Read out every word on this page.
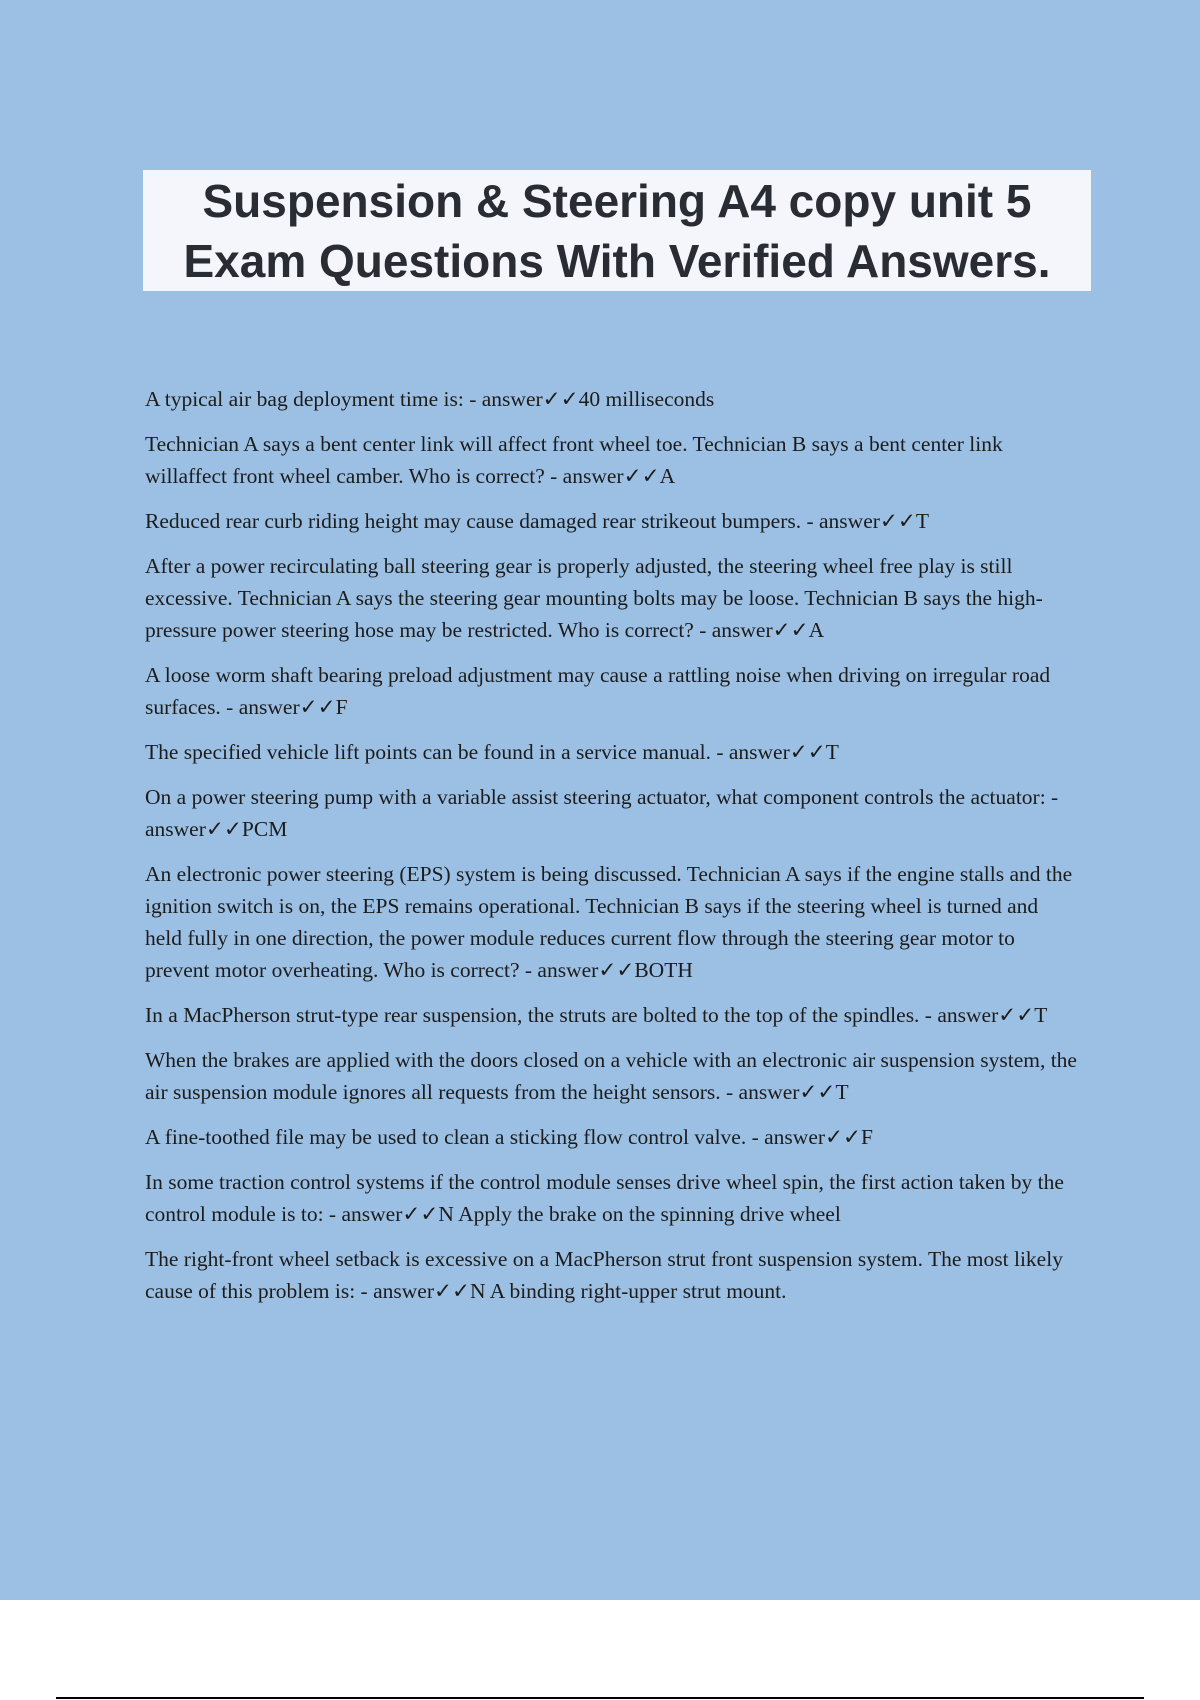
Suspension & Steering A4 copy unit 5 Exam Questions With Verified Answers.
A typical air bag deployment time is: - answer✓✓40 milliseconds
Technician A says a bent center link will affect front wheel toe. Technician B says a bent center link willaffect front wheel camber. Who is correct? - answer✓✓A
Reduced rear curb riding height may cause damaged rear strikeout bumpers. - answer✓✓T
After a power recirculating ball steering gear is properly adjusted, the steering wheel free play is still excessive. Technician A says the steering gear mounting bolts may be loose. Technician B says the high-pressure power steering hose may be restricted. Who is correct? - answer✓✓A
A loose worm shaft bearing preload adjustment may cause a rattling noise when driving on irregular road surfaces. - answer✓✓F
The specified vehicle lift points can be found in a service manual. - answer✓✓T
On a power steering pump with a variable assist steering actuator, what component controls the actuator: - answer✓✓PCM
An electronic power steering (EPS) system is being discussed. Technician A says if the engine stalls and the ignition switch is on, the EPS remains operational. Technician B says if the steering wheel is turned and held fully in one direction, the power module reduces current flow through the steering gear motor to prevent motor overheating. Who is correct? - answer✓✓BOTH
In a MacPherson strut-type rear suspension, the struts are bolted to the top of the spindles. - answer✓✓T
When the brakes are applied with the doors closed on a vehicle with an electronic air suspension system, the air suspension module ignores all requests from the height sensors. - answer✓✓T
A fine-toothed file may be used to clean a sticking flow control valve. - answer✓✓F
In some traction control systems if the control module senses drive wheel spin, the first action taken by the control module is to: - answer✓✓N Apply the brake on the spinning drive wheel
The right-front wheel setback is excessive on a MacPherson strut front suspension system. The most likely cause of this problem is: - answer✓✓N A binding right-upper strut mount.
